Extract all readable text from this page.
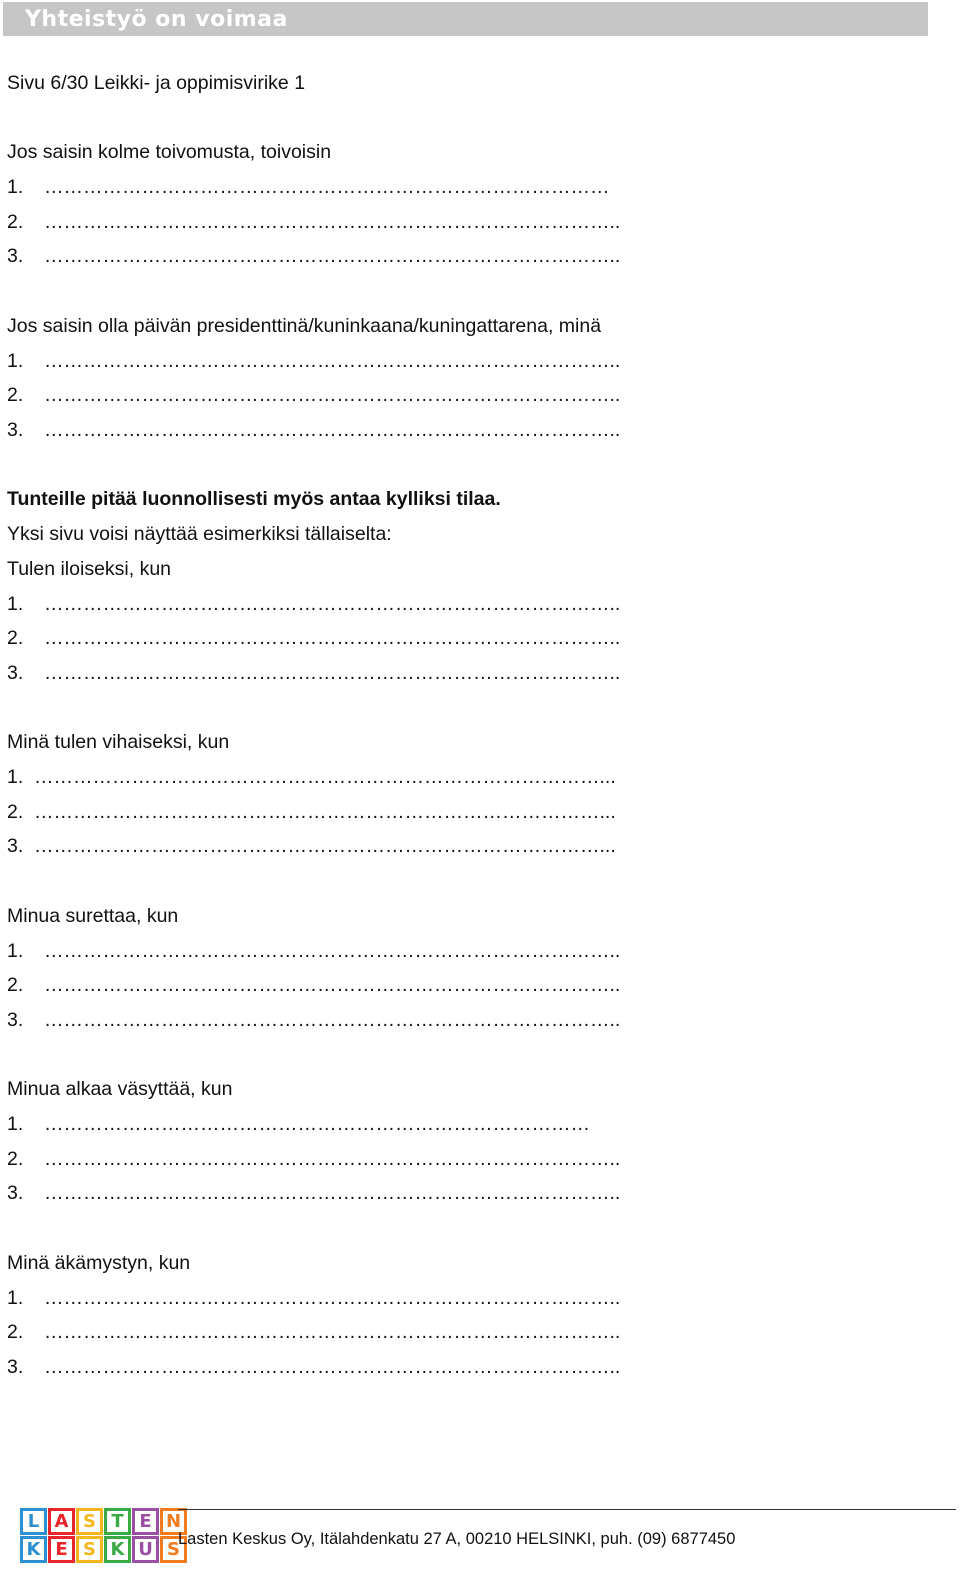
Yhteistyö on voimaa

Sivu 6/30 Leikki- ja oppimisvirike 1

Jos saisin kolme toivomusta, toivoisin

1. ……………………………………………………………………………

2. ……………………………………………………………………………..

3. ……………………………………………………………………………..

Jos saisin olla päivän presidenttinä/kuninkaana/kuningattarena, minä

1. ……………………………………………………………………………..

2. ……………………………………………………………………………..

3. ……………………………………………………………………………..

Tunteille pitää luonnollisesti myös antaa kylliksi tilaa.

Yksi sivu voisi näyttää esimerkiksi tällaiselta:

Tulen iloiseksi, kun

1. ……………………………………………………………………………..

2. ……………………………………………………………………………..

3. ……………………………………………………………………………..

Minä tulen vihaiseksi, kun

1. ……………………………………………………………………………...

2. ……………………………………………………………………………...

3. ……………………………………………………………………………...

Minua surettaa, kun

1. ……………………………………………………………………………..

2. ……………………………………………………………………………..

3. ……………………………………………………………………………..

Minua alkaa väsyttää, kun

1. …………………………………………………………………………

2. ……………………………………………………………………………..

3. ……………………………………………………………………………..

Minä äkämystyn, kun

1. ……………………………………………………………………………..

2. ……………………………………………………………………………..

3. ……………………………………………………………………………..

L A S T E N
K E S K U S
Lasten Keskus Oy, Itälahdenkatu 27 A, 00210 HELSINKI, puh. (09) 6877450
